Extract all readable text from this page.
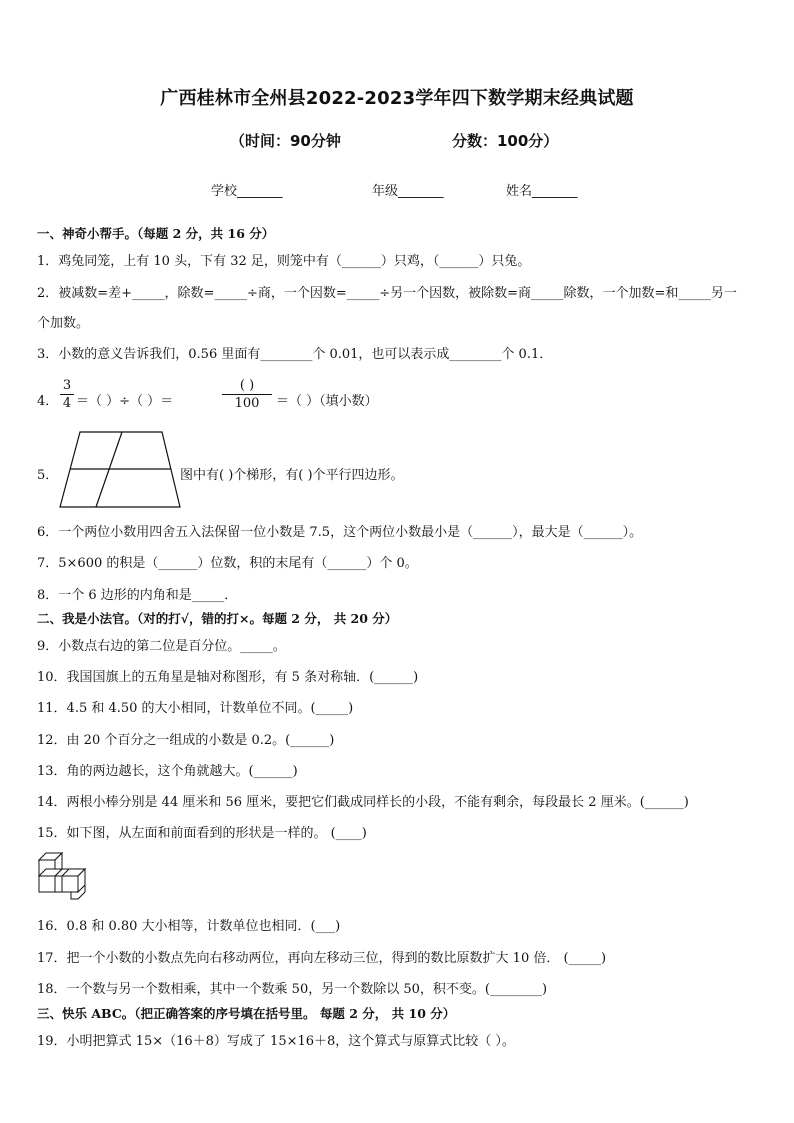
广西桂林市全州县2022-2023学年四下数学期末经典试题
（时间：90分钟	分数：100分）
学校_______	年级_______	姓名_______
一、神奇小帮手。（每题 2 分，共 16 分）
1．鸡兔同笼，上有 10 头，下有 32 足，则笼中有（______）只鸡，（______）只兔。
2．被减数=差+_____，除数=_____÷商，一个因数=_____÷另一个因数，被除数=商_____除数，一个加数=和_____另一
个加数。
3．小数的意义告诉我们，0.56 里面有________个 0.01，也可以表示成________个 0.1．
4．
3
4 ＝（ ）÷（ ）＝
( )
100	＝（ ）（填小数）
5．	图中有( )个梯形，有( )个平行四边形。
6．一个两位小数用四舍五入法保留一位小数是 7.5，这个两位小数最小是（______），最大是（______）。
7．5×600 的积是（______）位数，积的末尾有（______）个 0。
8．一个 6 边形的内角和是_____．
二、我是小法官。（对的打√，错的打×。每题 2 分， 共 20 分）
9．小数点右边的第二位是百分位。_____。
10．我国国旗上的五角星是轴对称图形，有 5 条对称轴．(______)
11．4.5 和 4.50 的大小相同，计数单位不同。(_____)
12．由 20 个百分之一组成的小数是 0.2。(______)
13．角的两边越长，这个角就越大。(______)
14．两根小棒分别是 44 厘米和 56 厘米，要把它们截成同样长的小段，不能有剩余，每段最长 2 厘米。(______)
15．如下图，从左面和前面看到的形状是一样的。 (____)
16．0.8 和 0.80 大小相等，计数单位也相同．(___)
17．把一个小数的小数点先向右移动两位，再向左移动三位，得到的数比原数扩大 10 倍． (_____)
18．一个数与另一个数相乘，其中一个数乘 50，另一个数除以 50，积不变。(________)
三、快乐 ABC。（把正确答案的序号填在括号里。 每题 2 分， 共 10 分）
19．小明把算式 15×（16＋8）写成了 15×16＋8，这个算式与原算式比较（ ）。
